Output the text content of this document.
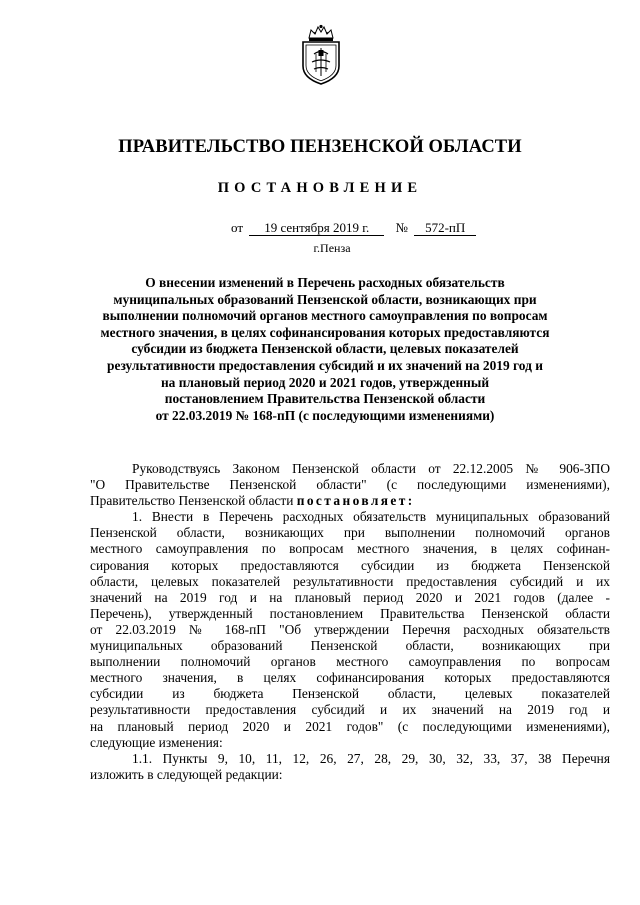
ПРАВИТЕЛЬСТВО ПЕНЗЕНСКОЙ ОБЛАСТИ
ПОСТАНОВЛЕНИЕ
от 19 сентября 2019 г. № 572-пП
г.Пенза
О внесении изменений в Перечень расходных обязательств
муниципальных образований Пензенской области, возникающих при
выполнении полномочий органов местного самоуправления по вопросам
местного значения, в целях софинансирования которых предоставляются
субсидии из бюджета Пензенской области, целевых показателей
результативности предоставления субсидий и их значений на 2019 год и
на плановый период 2020 и 2021 годов, утвержденный
постановлением Правительства Пензенской области
от 22.03.2019 № 168-пП (с последующими изменениями)
Руководствуясь Законом Пензенской области от 22.12.2005 № 906-ЗПО
"О Правительстве Пензенской области" (с последующими изменениями),
Правительство Пензенской области постановляет:
1. Внести в Перечень расходных обязательств муниципальных образований
Пензенской области, возникающих при выполнении полномочий органов
местного самоуправления по вопросам местного значения, в целях софинан-
сирования которых предоставляются субсидии из бюджета Пензенской
области, целевых показателей результативности предоставления субсидий и их
значений на 2019 год и на плановый период 2020 и 2021 годов (далее -
Перечень), утвержденный постановлением Правительства Пензенской области
от 22.03.2019 № 168-пП "Об утверждении Перечня расходных обязательств
муниципальных образований Пензенской области, возникающих при
выполнении полномочий органов местного самоуправления по вопросам
местного значения, в целях софинансирования которых предоставляются
субсидии из бюджета Пензенской области, целевых показателей
результативности предоставления субсидий и их значений на 2019 год и
на плановый период 2020 и 2021 годов" (с последующими изменениями),
следующие изменения:
1.1. Пункты 9, 10, 11, 12, 26, 27, 28, 29, 30, 32, 33, 37, 38 Перечня
изложить в следующей редакции:
